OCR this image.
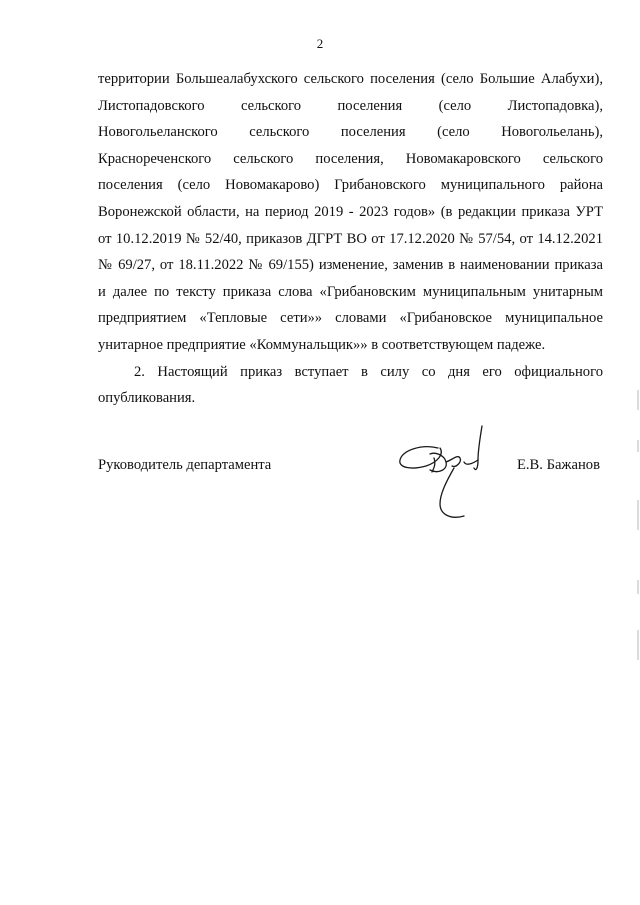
2
территории Большеалабухского сельского поселения (село Большие Алабухи),
Листопадовского сельского поселения (село Листопадовка),
Новогольеланского сельского поселения (село Новогольелань),
Краснореченского сельского поселения, Новомакаровского сельского
поселения (село Новомакарово) Грибановского муниципального района
Воронежской области, на период 2019 - 2023 годов» (в редакции приказа УРТ
от 10.12.2019 № 52/40, приказов ДГРТ ВО от 17.12.2020 № 57/54, от 14.12.2021
№ 69/27, от 18.11.2022 № 69/155) изменение, заменив в наименовании приказа
и далее по тексту приказа слова «Грибановским муниципальным унитарным
предприятием «Тепловые сети»» словами «Грибановское муниципальное
унитарное предприятие «Коммунальщик»» в соответствующем падеже.
2. Настоящий приказ вступает в силу со дня его официального
опубликования.
Руководитель департамента	Е.В. Бажанов
